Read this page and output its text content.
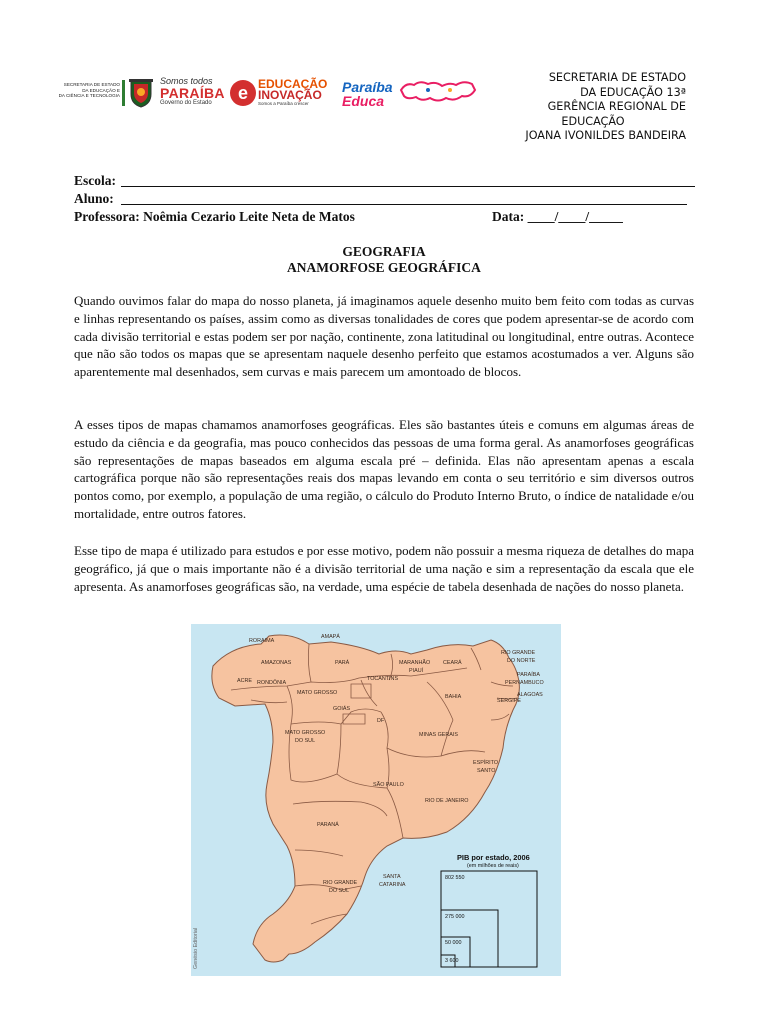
SECRETARIA DE ESTADO
DA EDUCAÇÃO E
DA CIÊNCIA E TECNOLOGIA
Somos todos
PARAÍBA
Governo do Estado	e EDUCAÇÃO
INOVAÇÃO
Somos a Paraíba crescer
Paraíba
Educa
SECRETARIA DE ESTADO
DA EDUCAÇÃO 13ª
GERÊNCIA REGIONAL DE
EDUCAÇÃO
JOANA IVONILDES BANDEIRA
Escola:
Aluno:
Professora: Noêmia Cezario Leite Neta de Matos	Data: ____/____/_____
GEOGRAFIA
ANAMORFOSE GEOGRÁFICA
Quando ouvimos falar do mapa do nosso planeta, já imaginamos aquele desenho muito bem feito com todas as curvas e linhas representando os países, assim como as diversas tonalidades de cores que podem apresentar-se de acordo com cada divisão territorial e estas podem ser por nação, continente, zona latitudinal ou longitudinal, entre outras. Acontece que não são todos os mapas que se apresentam naquele desenho perfeito que estamos acostumados a ver. Alguns são aparentemente mal desenhados, sem curvas e mais parecem um amontoado de blocos.
A esses tipos de mapas chamamos anamorfoses geográficas. Eles são bastantes úteis e comuns em algumas áreas de estudo da ciência e da geografia, mas pouco conhecidos das pessoas de uma forma geral. As anamorfoses geográficas são representações de mapas baseados em alguma escala pré – definida. Elas não apresentam apenas a escala cartográfica porque não são representações reais dos mapas levando em conta o seu território e sim diversos outros pontos como, por exemplo, a população de uma região, o cálculo do Produto Interno Bruto, o índice de natalidade e/ou mortalidade, entre outros fatores.
Esse tipo de mapa é utilizado para estudos e por esse motivo, podem não possuir a mesma riqueza de detalhes do mapa geográfico, já que o mais importante não é a divisão territorial de uma nação e sim a representação da escala que ele apresenta. As anamorfoses geográficas são, na verdade, uma espécie de tabela desenhada de nações do nosso planeta.
RORAIMA
AMAPÁ
AMAZONAS	PARÁ	MARANHÃO
PIAUÍ
CEARÁ
RIO GRANDE
DO NORTE
PARAÍBA
PERNAMBUCO
ALAGOAS
SERGIPE
ACRE RONDÔNIA
TOCANTINS
MATO GROSSO
GOIÁS
DF
BAHIA
MATO GROSSO
DO SUL
MINAS GERAIS
ESPÍRITO
SANTO
SÃO PAULO
RIO DE JANEIRO
PARANÁ
SANTA
CATARINA
RIO GRANDE
DO SUL
PIB por estado, 2006
(em milhões de reais)
802 550
275 000
50 000
3 600
Genésio Editorial
